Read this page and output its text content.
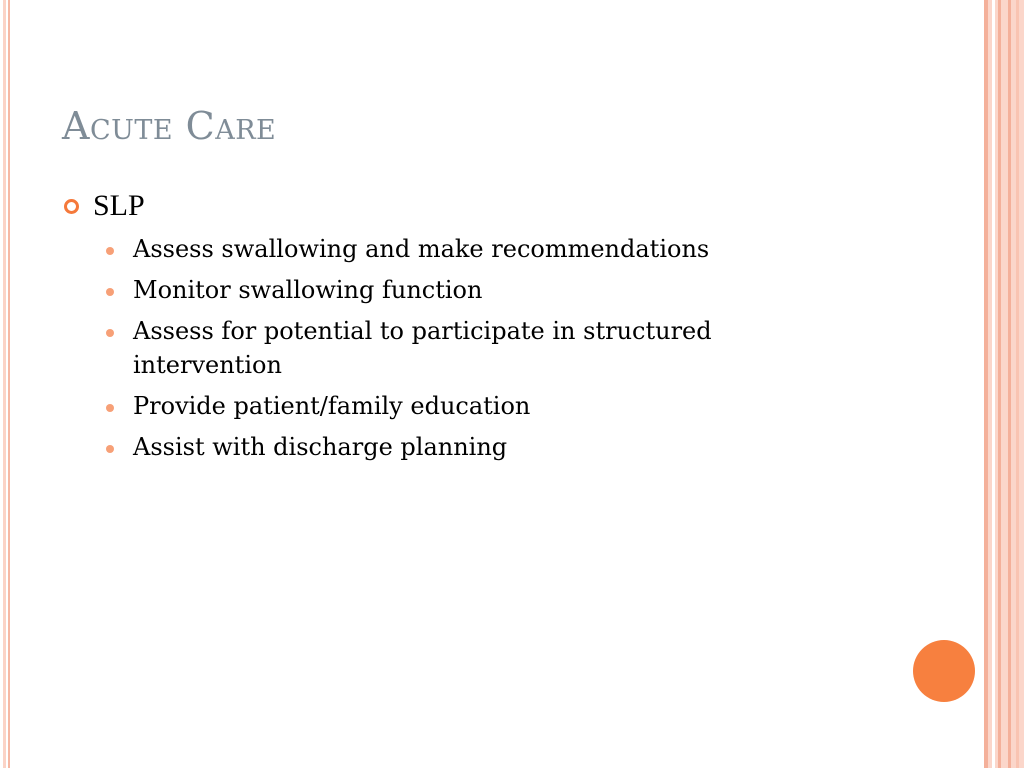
Acute Care
SLP
Assess swallowing and make recommendations
Monitor swallowing function
Assess for potential to participate in structured intervention
Provide patient/family education
Assist with discharge planning
